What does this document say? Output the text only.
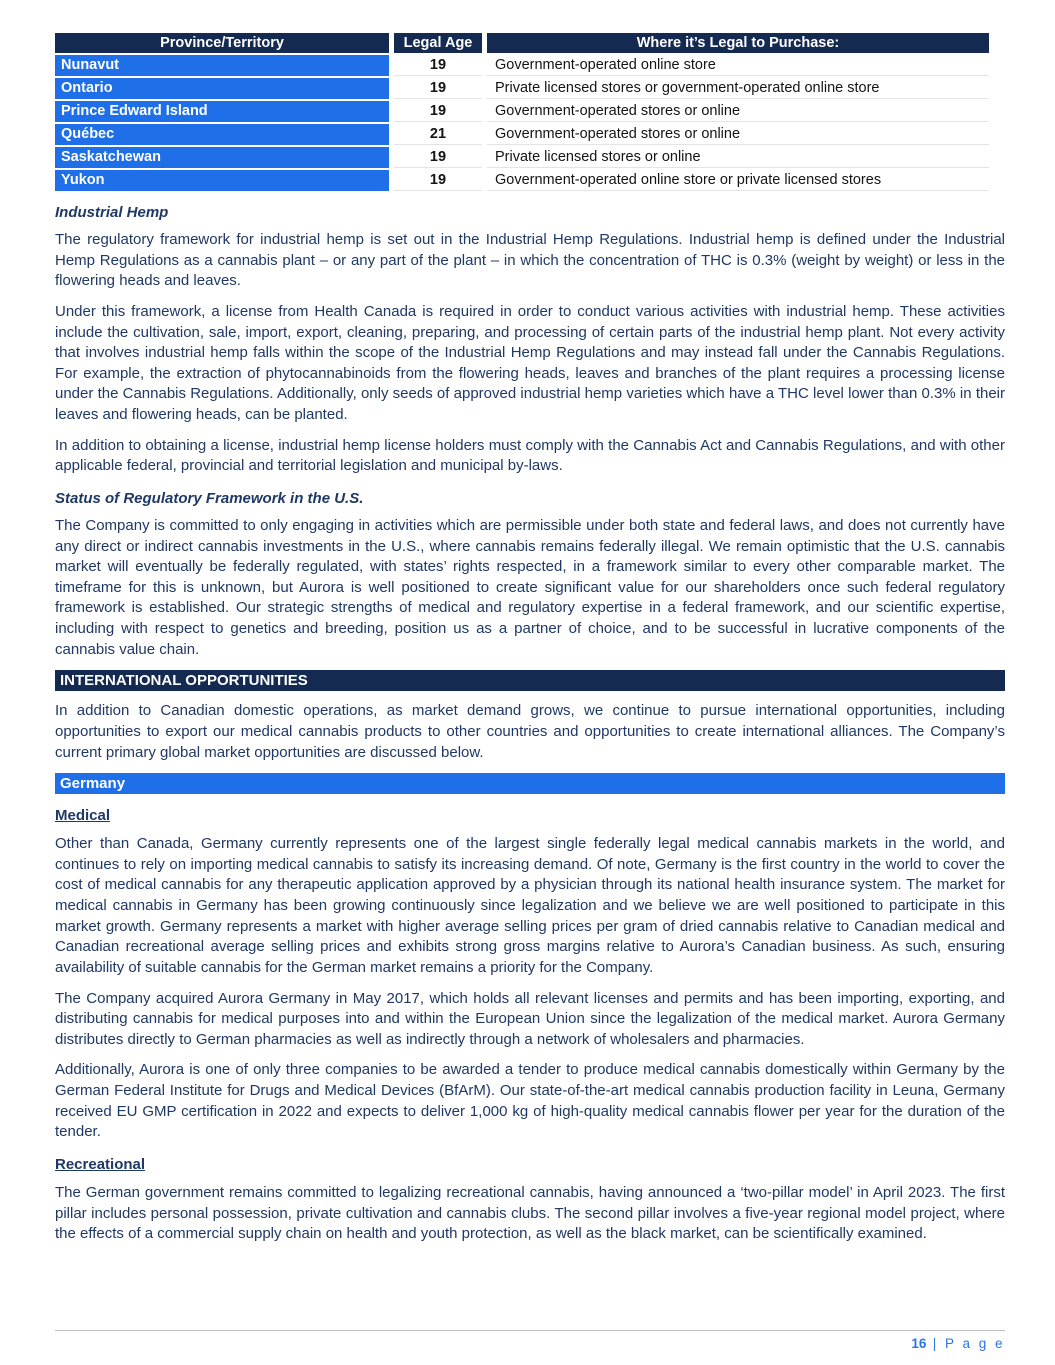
Province/Territory	Legal Age	Where it’s Legal to Purchase:
Nunavut	19	Government-operated online store
Ontario	19	Private licensed stores or government-operated online store
Prince Edward Island	19	Government-operated stores or online
Québec	21	Government-operated stores or online
Saskatchewan	19	Private licensed stores or online
Yukon	19	Government-operated online store or private licensed stores
Industrial Hemp

The regulatory framework for industrial hemp is set out in the Industrial Hemp Regulations. Industrial hemp is defined under the Industrial Hemp Regulations as a cannabis plant – or any part of the plant – in which the concentration of THC is 0.3% (weight by weight) or less in the flowering heads and leaves.

Under this framework, a license from Health Canada is required in order to conduct various activities with industrial hemp. These activities include the cultivation, sale, import, export, cleaning, preparing, and processing of certain parts of the industrial hemp plant. Not every activity that involves industrial hemp falls within the scope of the Industrial Hemp Regulations and may instead fall under the Cannabis Regulations. For example, the extraction of phytocannabinoids from the flowering heads, leaves and branches of the plant requires a processing license under the Cannabis Regulations. Additionally, only seeds of approved industrial hemp varieties which have a THC level lower than 0.3% in their leaves and flowering heads, can be planted.

In addition to obtaining a license, industrial hemp license holders must comply with the Cannabis Act and Cannabis Regulations, and with other applicable federal, provincial and territorial legislation and municipal by-laws.

Status of Regulatory Framework in the U.S.

The Company is committed to only engaging in activities which are permissible under both state and federal laws, and does not currently have any direct or indirect cannabis investments in the U.S., where cannabis remains federally illegal. We remain optimistic that the U.S. cannabis market will eventually be federally regulated, with states’ rights respected, in a framework similar to every other comparable market. The timeframe for this is unknown, but Aurora is well positioned to create significant value for our shareholders once such federal regulatory framework is established. Our strategic strengths of medical and regulatory expertise in a federal framework, and our scientific expertise, including with respect to genetics and breeding, position us as a partner of choice, and to be successful in lucrative components of the cannabis value chain.

INTERNATIONAL OPPORTUNITIES

In addition to Canadian domestic operations, as market demand grows, we continue to pursue international opportunities, including opportunities to export our medical cannabis products to other countries and opportunities to create international alliances. The Company’s current primary global market opportunities are discussed below.

Germany
Medical

Other than Canada, Germany currently represents one of the largest single federally legal medical cannabis markets in the world, and continues to rely on importing medical cannabis to satisfy its increasing demand. Of note, Germany is the first country in the world to cover the cost of medical cannabis for any therapeutic application approved by a physician through its national health insurance system. The market for medical cannabis in Germany has been growing continuously since legalization and we believe we are well positioned to participate in this market growth. Germany represents a market with higher average selling prices per gram of dried cannabis relative to Canadian medical and Canadian recreational average selling prices and exhibits strong gross margins relative to Aurora’s Canadian business. As such, ensuring availability of suitable cannabis for the German market remains a priority for the Company.

The Company acquired Aurora Germany in May 2017, which holds all relevant licenses and permits and has been importing, exporting, and distributing cannabis for medical purposes into and within the European Union since the legalization of the medical market. Aurora Germany distributes directly to German pharmacies as well as indirectly through a network of wholesalers and pharmacies.

Additionally, Aurora is one of only three companies to be awarded a tender to produce medical cannabis domestically within Germany by the German Federal Institute for Drugs and Medical Devices (BfArM). Our state-of-the-art medical cannabis production facility in Leuna, Germany received EU GMP certification in 2022 and expects to deliver 1,000 kg of high-quality medical cannabis flower per year for the duration of the tender.

Recreational

The German government remains committed to legalizing recreational cannabis, having announced a ‘two-pillar model’ in April 2023. The first pillar includes personal possession, private cultivation and cannabis clubs. The second pillar involves a five-year regional model project, where the effects of a commercial supply chain on health and youth protection, as well as the black market, can be scientifically examined.

16 | P a g e
